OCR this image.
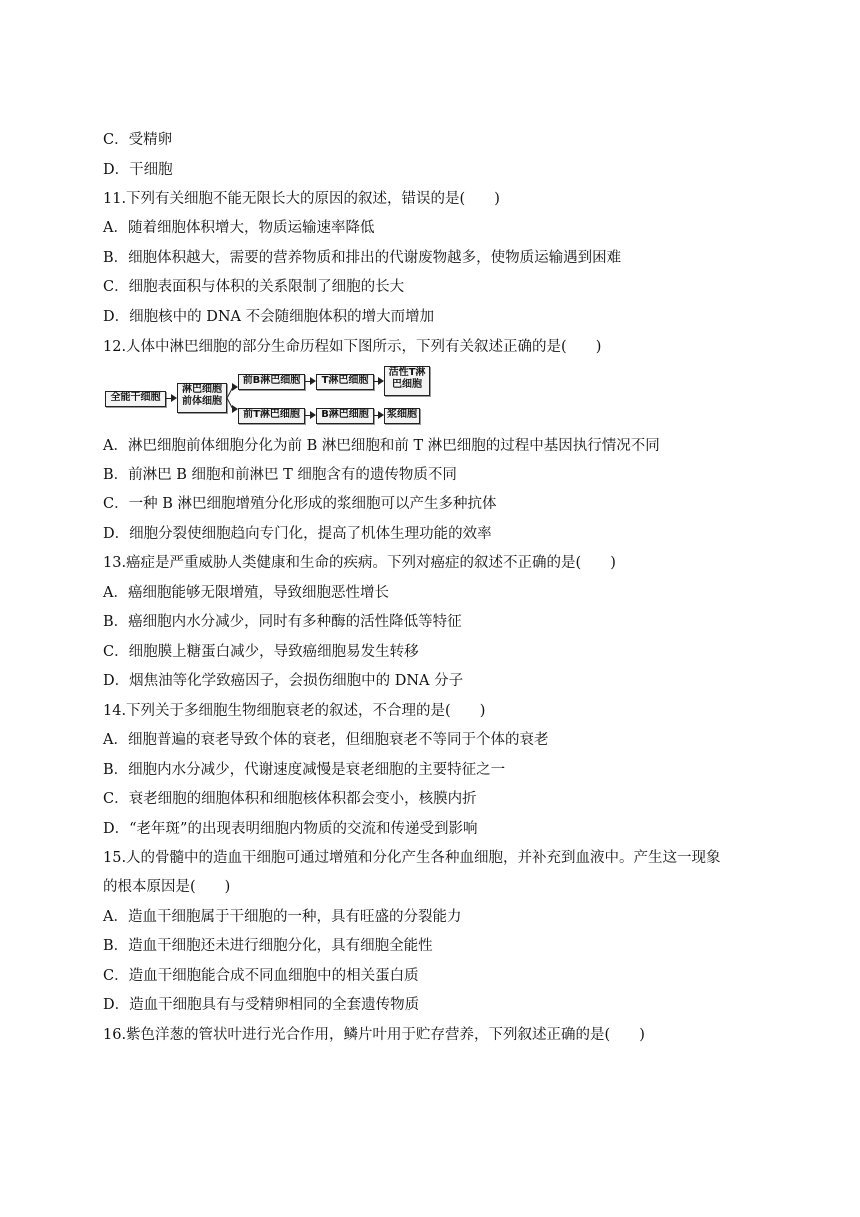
C．受精卵
D．干细胞
11.下列有关细胞不能无限长大的原因的叙述，错误的是(　　)
A．随着细胞体积增大，物质运输速率降低
B．细胞体积越大，需要的营养物质和排出的代谢废物越多，使物质运输遇到困难
C．细胞表面积与体积的关系限制了细胞的长大
D．细胞核中的 DNA 不会随细胞体积的增大而增加
12.人体中淋巴细胞的部分生命历程如下图所示，下列有关叙述正确的是(　　)
全能干细胞
淋巴细胞
前体细胞
前B淋巴细胞	T淋巴细胞
活性T淋
巴细胞
前T淋巴细胞	B淋巴细胞	浆细胞
A．淋巴细胞前体细胞分化为前 B 淋巴细胞和前 T 淋巴细胞的过程中基因执行情况不同
B．前淋巴 B 细胞和前淋巴 T 细胞含有的遗传物质不同
C．一种 B 淋巴细胞增殖分化形成的浆细胞可以产生多种抗体
D．细胞分裂使细胞趋向专门化，提高了机体生理功能的效率
13.癌症是严重威胁人类健康和生命的疾病。下列对癌症的叙述不正确的是(　　)
A．癌细胞能够无限增殖，导致细胞恶性增长
B．癌细胞内水分减少，同时有多种酶的活性降低等特征
C．细胞膜上糖蛋白减少，导致癌细胞易发生转移
D．烟焦油等化学致癌因子，会损伤细胞中的 DNA 分子
14.下列关于多细胞生物细胞衰老的叙述，不合理的是(　　)
A．细胞普遍的衰老导致个体的衰老，但细胞衰老不等同于个体的衰老
B．细胞内水分减少，代谢速度减慢是衰老细胞的主要特征之一
C．衰老细胞的细胞体积和细胞核体积都会变小，核膜内折
D．“老年斑”的出现表明细胞内物质的交流和传递受到影响
15.人的骨髓中的造血干细胞可通过增殖和分化产生各种血细胞，并补充到血液中。产生这一现象
的根本原因是(　　)
A．造血干细胞属于干细胞的一种，具有旺盛的分裂能力
B．造血干细胞还未进行细胞分化，具有细胞全能性
C．造血干细胞能合成不同血细胞中的相关蛋白质
D．造血干细胞具有与受精卵相同的全套遗传物质
16.紫色洋葱的管状叶进行光合作用，鳞片叶用于贮存营养，下列叙述正确的是(　　)
